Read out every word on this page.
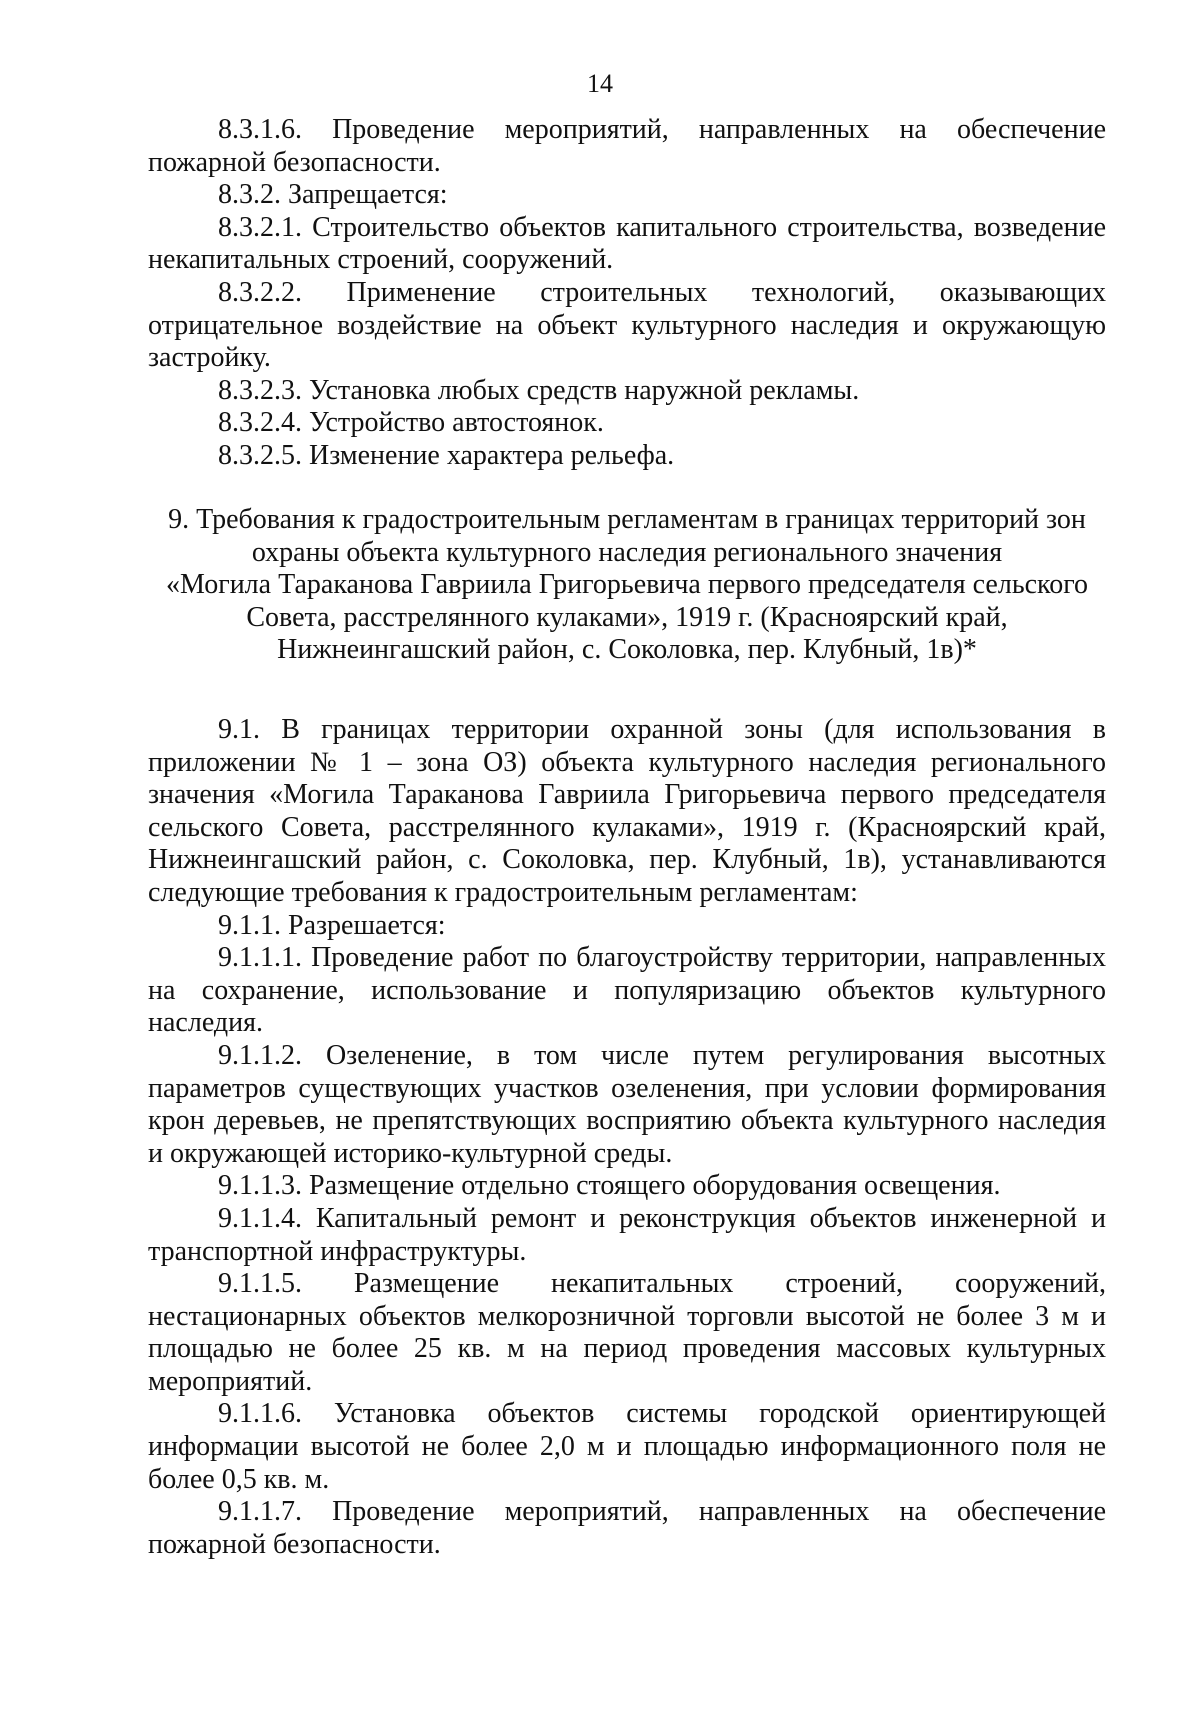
14

8.3.1.6. Проведение мероприятий, направленных на обеспечение пожарной безопасности.

8.3.2. Запрещается:

8.3.2.1. Строительство объектов капитального строительства, возведение некапитальных строений, сооружений.

8.3.2.2. Применение строительных технологий, оказывающих отрицательное воздействие на объект культурного наследия и окружающую застройку.

8.3.2.3. Установка любых средств наружной рекламы.

8.3.2.4. Устройство автостоянок.

8.3.2.5. Изменение характера рельефа.

9. Требования к градостроительным регламентам в границах территорий зон
охраны объекта культурного наследия регионального значения
«Могила Тараканова Гавриила Григорьевича первого председателя сельского
Совета, расстрелянного кулаками», 1919 г. (Красноярский край,
Нижнеингашский район, с. Соколовка, пер. Клубный, 1в)*

9.1. В границах территории охранной зоны (для использования в приложении № 1 – зона ОЗ) объекта культурного наследия регионального значения «Могила Тараканова Гавриила Григорьевича первого председателя сельского Совета, расстрелянного кулаками», 1919 г. (Красноярский край, Нижнеингашский район, с. Соколовка, пер. Клубный, 1в), устанавливаются следующие требования к градостроительным регламентам:

9.1.1. Разрешается:

9.1.1.1. Проведение работ по благоустройству территории, направленных на сохранение, использование и популяризацию объектов культурного наследия.

9.1.1.2. Озеленение, в том числе путем регулирования высотных параметров существующих участков озеленения, при условии формирования крон деревьев, не препятствующих восприятию объекта культурного наследия и окружающей историко-культурной среды.

9.1.1.3. Размещение отдельно стоящего оборудования освещения.

9.1.1.4. Капитальный ремонт и реконструкция объектов инженерной и транспортной инфраструктуры.

9.1.1.5. Размещение некапитальных строений, сооружений, нестационарных объектов мелкорозничной торговли высотой не более 3 м и площадью не более 25 кв. м на период проведения массовых культурных мероприятий.

9.1.1.6. Установка объектов системы городской ориентирующей информации высотой не более 2,0 м и площадью информационного поля не более 0,5 кв. м.

9.1.1.7. Проведение мероприятий, направленных на обеспечение пожарной безопасности.
